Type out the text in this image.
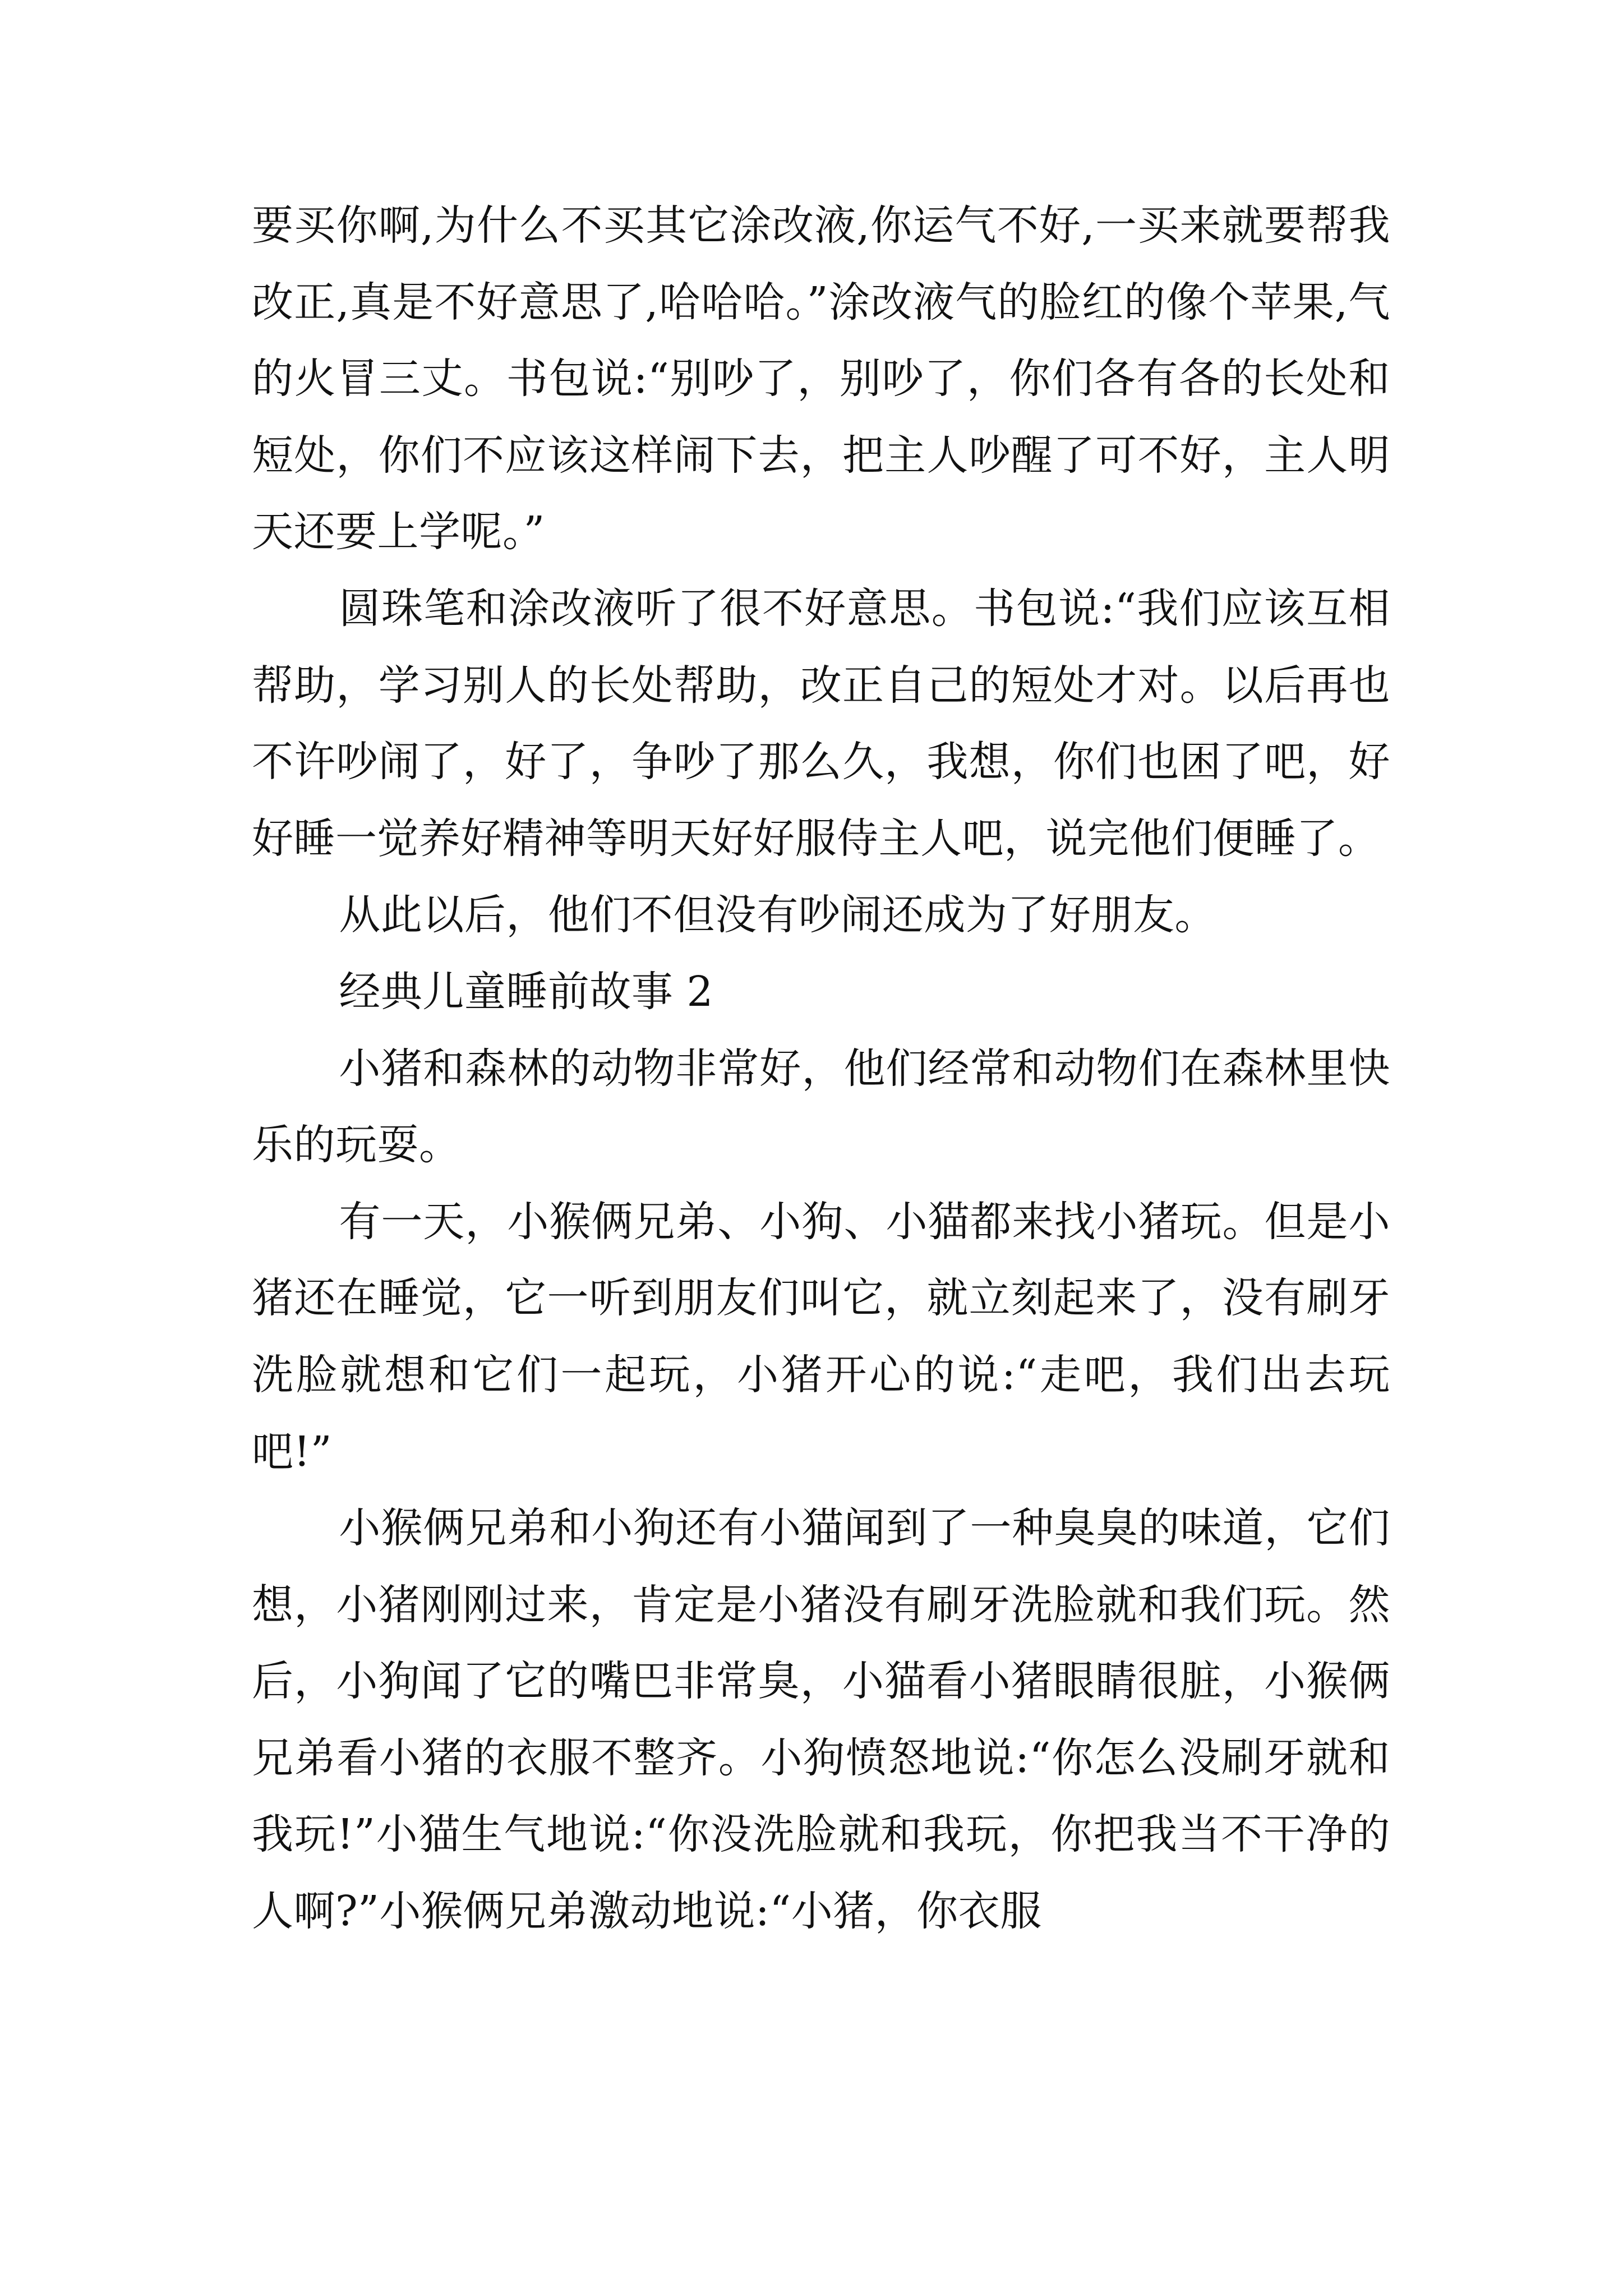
要买你啊,为什么不买其它涂改液,你运气不好,一买来就要帮我改正,真是不好意思了,哈哈哈。”涂改液气的脸红的像个苹果,气的火冒三丈。书包说:“别吵了，别吵了，你们各有各的长处和短处，你们不应该这样闹下去，把主人吵醒了可不好，主人明天还要上学呢。”

圆珠笔和涂改液听了很不好意思。书包说:“我们应该互相帮助，学习别人的长处帮助，改正自己的短处才对。以后再也不许吵闹了，好了，争吵了那么久，我想，你们也困了吧，好好睡一觉养好精神等明天好好服侍主人吧，说完他们便睡了。

从此以后，他们不但没有吵闹还成为了好朋友。

经典儿童睡前故事 2

小猪和森林的动物非常好，他们经常和动物们在森林里快乐的玩耍。

有一天，小猴俩兄弟、小狗、小猫都来找小猪玩。但是小猪还在睡觉，它一听到朋友们叫它，就立刻起来了，没有刷牙洗脸就想和它们一起玩，小猪开心的说:“走吧，我们出去玩吧!”

小猴俩兄弟和小狗还有小猫闻到了一种臭臭的味道，它们想，小猪刚刚过来，肯定是小猪没有刷牙洗脸就和我们玩。然后，小狗闻了它的嘴巴非常臭，小猫看小猪眼睛很脏，小猴俩兄弟看小猪的衣服不整齐。小狗愤怒地说:“你怎么没刷牙就和我玩!”小猫生气地说:“你没洗脸就和我玩，你把我当不干净的人啊?”小猴俩兄弟激动地说:“小猪，你衣服
